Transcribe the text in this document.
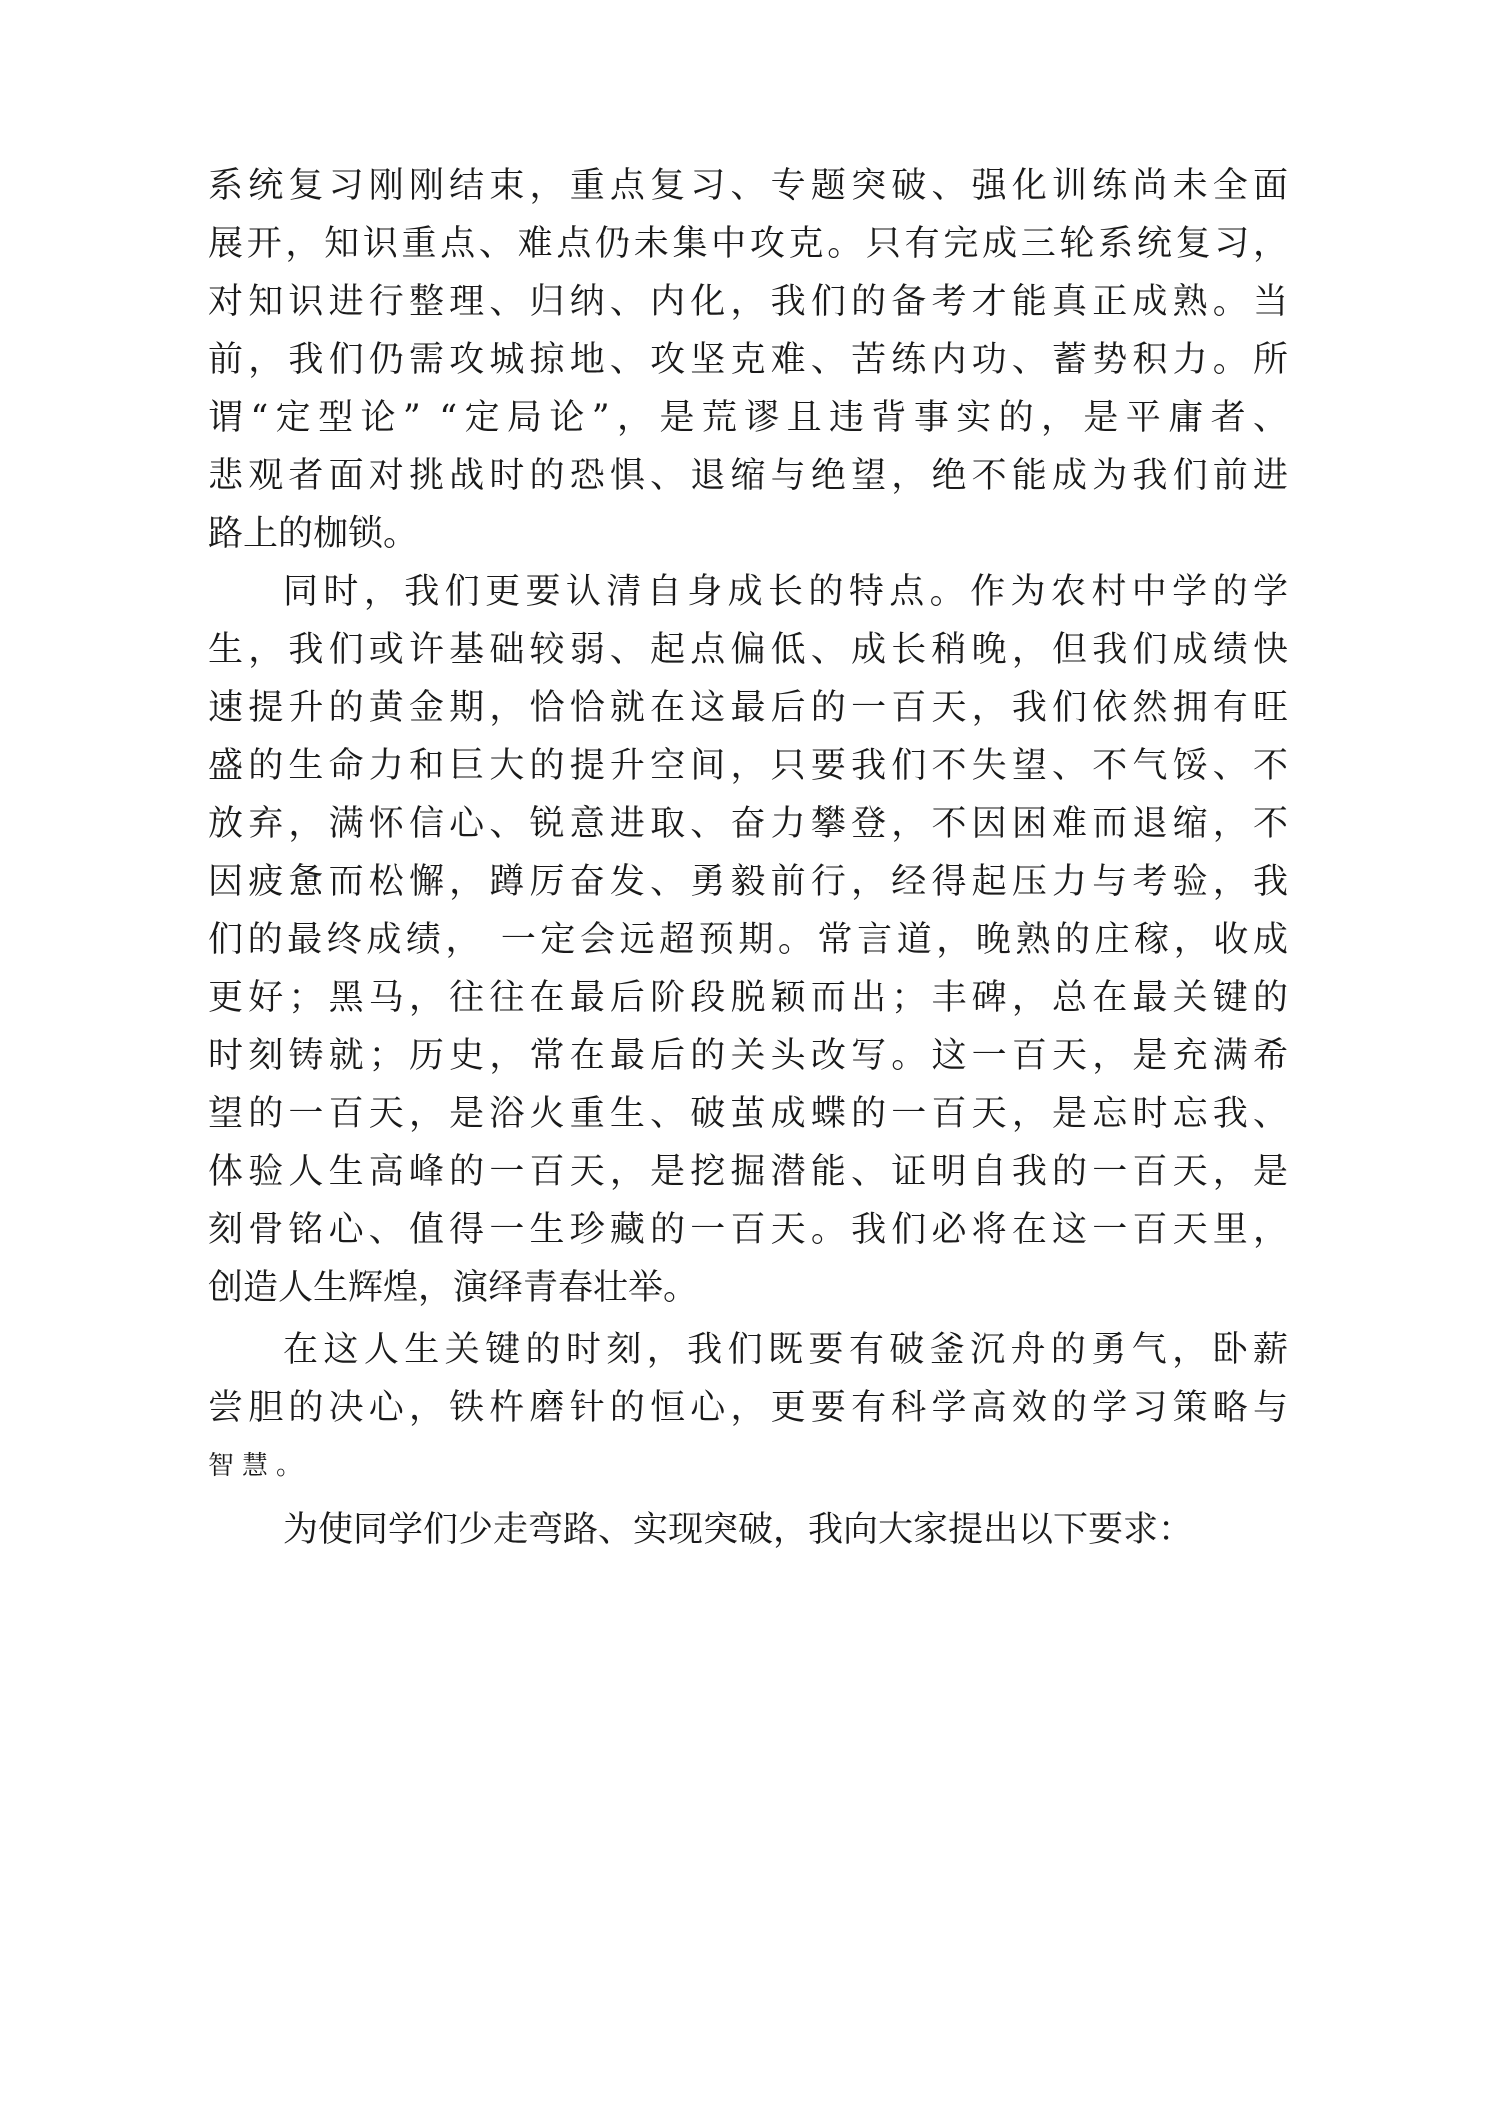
系统复习刚刚结束，重点复习、专题突破、强化训练尚未全面
展开，知识重点、难点仍未集中攻克。只有完成三轮系统复习，
对知识进行整理、归纳、内化，我们的备考才能真正成熟。当
前，我们仍需攻城掠地、攻坚克难、苦练内功、蓄势积力。所
谓“定型论” “定局论”，是荒谬且违背事实的，是平庸者、
悲观者面对挑战时的恐惧、退缩与绝望，绝不能成为我们前进
路上的枷锁。
同时，我们更要认清自身成长的特点。作为农村中学的学
生，我们或许基础较弱、起点偏低、成长稍晚，但我们成绩快
速提升的黄金期，恰恰就在这最后的一百天，我们依然拥有旺
盛的生命力和巨大的提升空间，只要我们不失望、不气馁、不
放弃，满怀信心、锐意进取、奋力攀登，不因困难而退缩，不
因疲惫而松懈，蹲厉奋发、勇毅前行，经得起压力与考验，我
们的最终成绩， 一定会远超预期。常言道，晚熟的庄稼，收成
更好；黑马，往往在最后阶段脱颖而出；丰碑，总在最关键的
时刻铸就；历史，常在最后的关头改写。这一百天，是充满希
望的一百天，是浴火重生、破茧成蝶的一百天，是忘时忘我、
体验人生高峰的一百天，是挖掘潜能、证明自我的一百天，是
刻骨铭心、值得一生珍藏的一百天。我们必将在这一百天里，
创造人生辉煌，演绎青春壮举。
在这人生关键的时刻，我们既要有破釜沉舟的勇气，卧薪
尝胆的决心，铁杵磨针的恒心，更要有科学高效的学习策略与
智慧。
为使同学们少走弯路、实现突破，我向大家提出以下要求：
